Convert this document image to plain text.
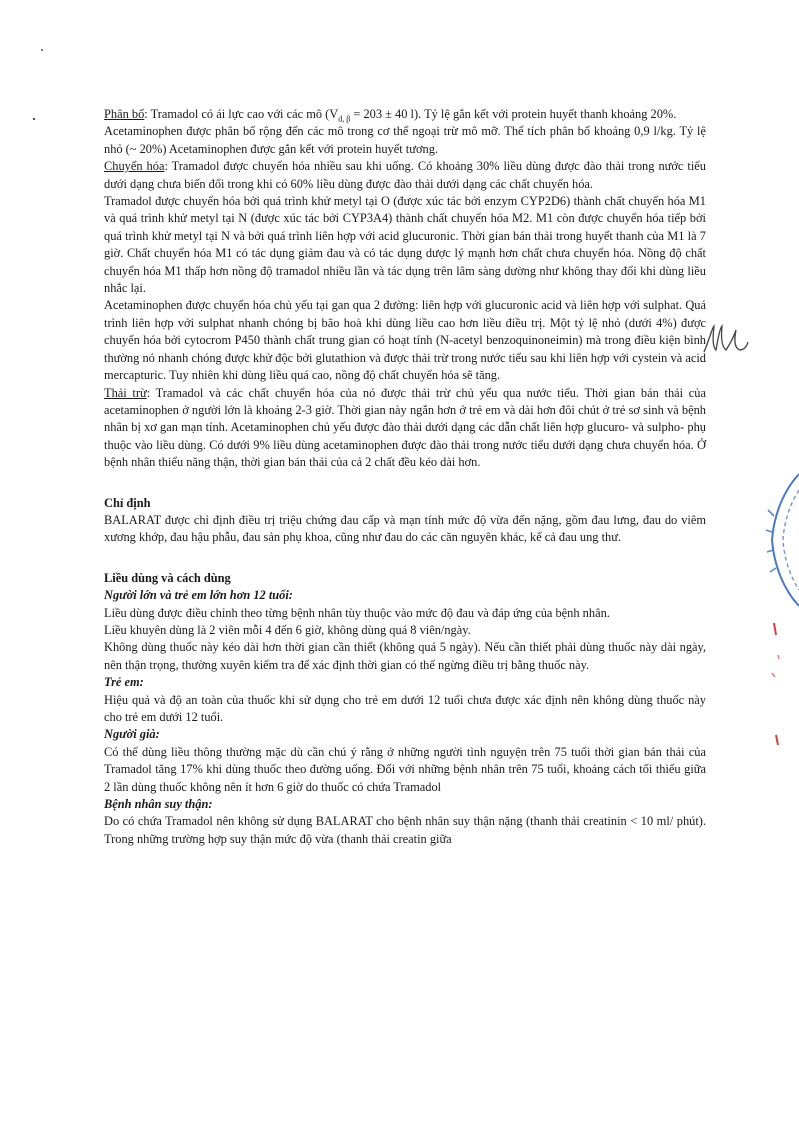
Phân bố: Tramadol có ái lực cao với các mô ($V_{d, \beta} = 203 \pm 40$ l). Tỷ lệ gắn kết với protein huyết thanh khoảng 20%.

Acetaminophen được phân bố rộng đến các mô trong cơ thể ngoại trừ mô mỡ. Thể tích phân bố khoảng 0,9 l/kg. Tỷ lệ nhỏ (~ 20%) Acetaminophen được gắn kết với protein huyết tương.

Chuyển hóa: Tramadol được chuyển hóa nhiều sau khi uống. Có khoảng 30% liều dùng được đào thải trong nước tiểu dưới dạng chưa biến đổi trong khi có 60% liều dùng được đào thải dưới dạng các chất chuyển hóa.

Tramadol được chuyển hóa bởi quá trình khử metyl tại O (được xúc tác bởi enzym CYP2D6) thành chất chuyển hóa M1 và quá trình khử metyl tại N (được xúc tác bởi CYP3A4) thành chất chuyển hóa M2. M1 còn được chuyển hóa tiếp bởi quá trình khử metyl tại N và bởi quá trình liên hợp với acid glucuronic. Thời gian bán thải trong huyết thanh của M1 là 7 giờ. Chất chuyển hóa M1 có tác dụng giảm đau và có tác dụng dược lý mạnh hơn chất chưa chuyển hóa. Nồng độ chất chuyển hóa M1 thấp hơn nồng độ tramadol nhiều lần và tác dụng trên lâm sàng dường như không thay đổi khi dùng liều nhắc lại.

Acetaminophen được chuyển hóa chủ yếu tại gan qua 2 đường: liên hợp với glucuronic acid và liên hợp với sulphat. Quá trình liên hợp với sulphat nhanh chóng bị bão hoà khi dùng liều cao hơn liều điều trị. Một tỷ lệ nhỏ (dưới 4%) được chuyển hóa bởi cytocrom P450 thành chất trung gian có hoạt tính (N-acetyl benzoquinoneimin) mà trong điều kiện bình thường nó nhanh chóng được khử độc bởi glutathion và được thải trừ trong nước tiểu sau khi liên hợp với cystein và acid mercapturic. Tuy nhiên khi dùng liều quá cao, nồng độ chất chuyển hóa sẽ tăng.

Thải trừ: Tramadol và các chất chuyển hóa của nó được thải trừ chủ yếu qua nước tiểu. Thời gian bán thải của acetaminophen ở người lớn là khoảng 2-3 giờ. Thời gian này ngắn hơn ở trẻ em và dài hơn đôi chút ở trẻ sơ sinh và bệnh nhân bị xơ gan mạn tính. Acetaminophen chủ yếu được đào thải dưới dạng các dẫn chất liên hợp glucuro- và sulpho- phụ thuộc vào liều dùng. Có dưới 9% liều dùng acetaminophen được đào thải trong nước tiểu dưới dạng chưa chuyển hóa. Ở bệnh nhân thiểu năng thận, thời gian bán thải của cả 2 chất đều kéo dài hơn.

Chỉ định

BALARAT được chỉ định điều trị triệu chứng đau cấp và mạn tính mức độ vừa đến nặng, gồm đau lưng, đau do viêm xương khớp, đau hậu phẫu, đau sản phụ khoa, cũng như đau do các căn nguyên khác, kể cả đau ung thư.

Liều dùng và cách dùng

Người lớn và trẻ em lớn hơn 12 tuổi:

Liều dùng được điều chỉnh theo từng bệnh nhân tùy thuộc vào mức độ đau và đáp ứng của bệnh nhân.

Liều khuyên dùng là 2 viên mỗi 4 đến 6 giờ, không dùng quá 8 viên/ngày.

Không dùng thuốc này kéo dài hơn thời gian cần thiết (không quá 5 ngày). Nếu cần thiết phải dùng thuốc này dài ngày, nên thận trọng, thường xuyên kiểm tra để xác định thời gian có thể ngừng điều trị bằng thuốc này.

Trẻ em:

Hiệu quả và độ an toàn của thuốc khi sử dụng cho trẻ em dưới 12 tuổi chưa được xác định nên không dùng thuốc này cho trẻ em dưới 12 tuổi.

Người già:

Có thể dùng liều thông thường mặc dù cần chú ý rằng ở những người tình nguyện trên 75 tuổi thời gian bán thải của Tramadol tăng 17% khi dùng thuốc theo đường uống. Đối với những bệnh nhân trên 75 tuổi, khoảng cách tối thiểu giữa 2 lần dùng thuốc không nên ít hơn 6 giờ do thuốc có chứa Tramadol

Bệnh nhân suy thận:

Do có chứa Tramadol nên không sử dụng BALARAT cho bệnh nhân suy thận nặng (thanh thải creatinin < 10 ml/ phút). Trong những trường hợp suy thận mức độ vừa (thanh thải creatin giữa
